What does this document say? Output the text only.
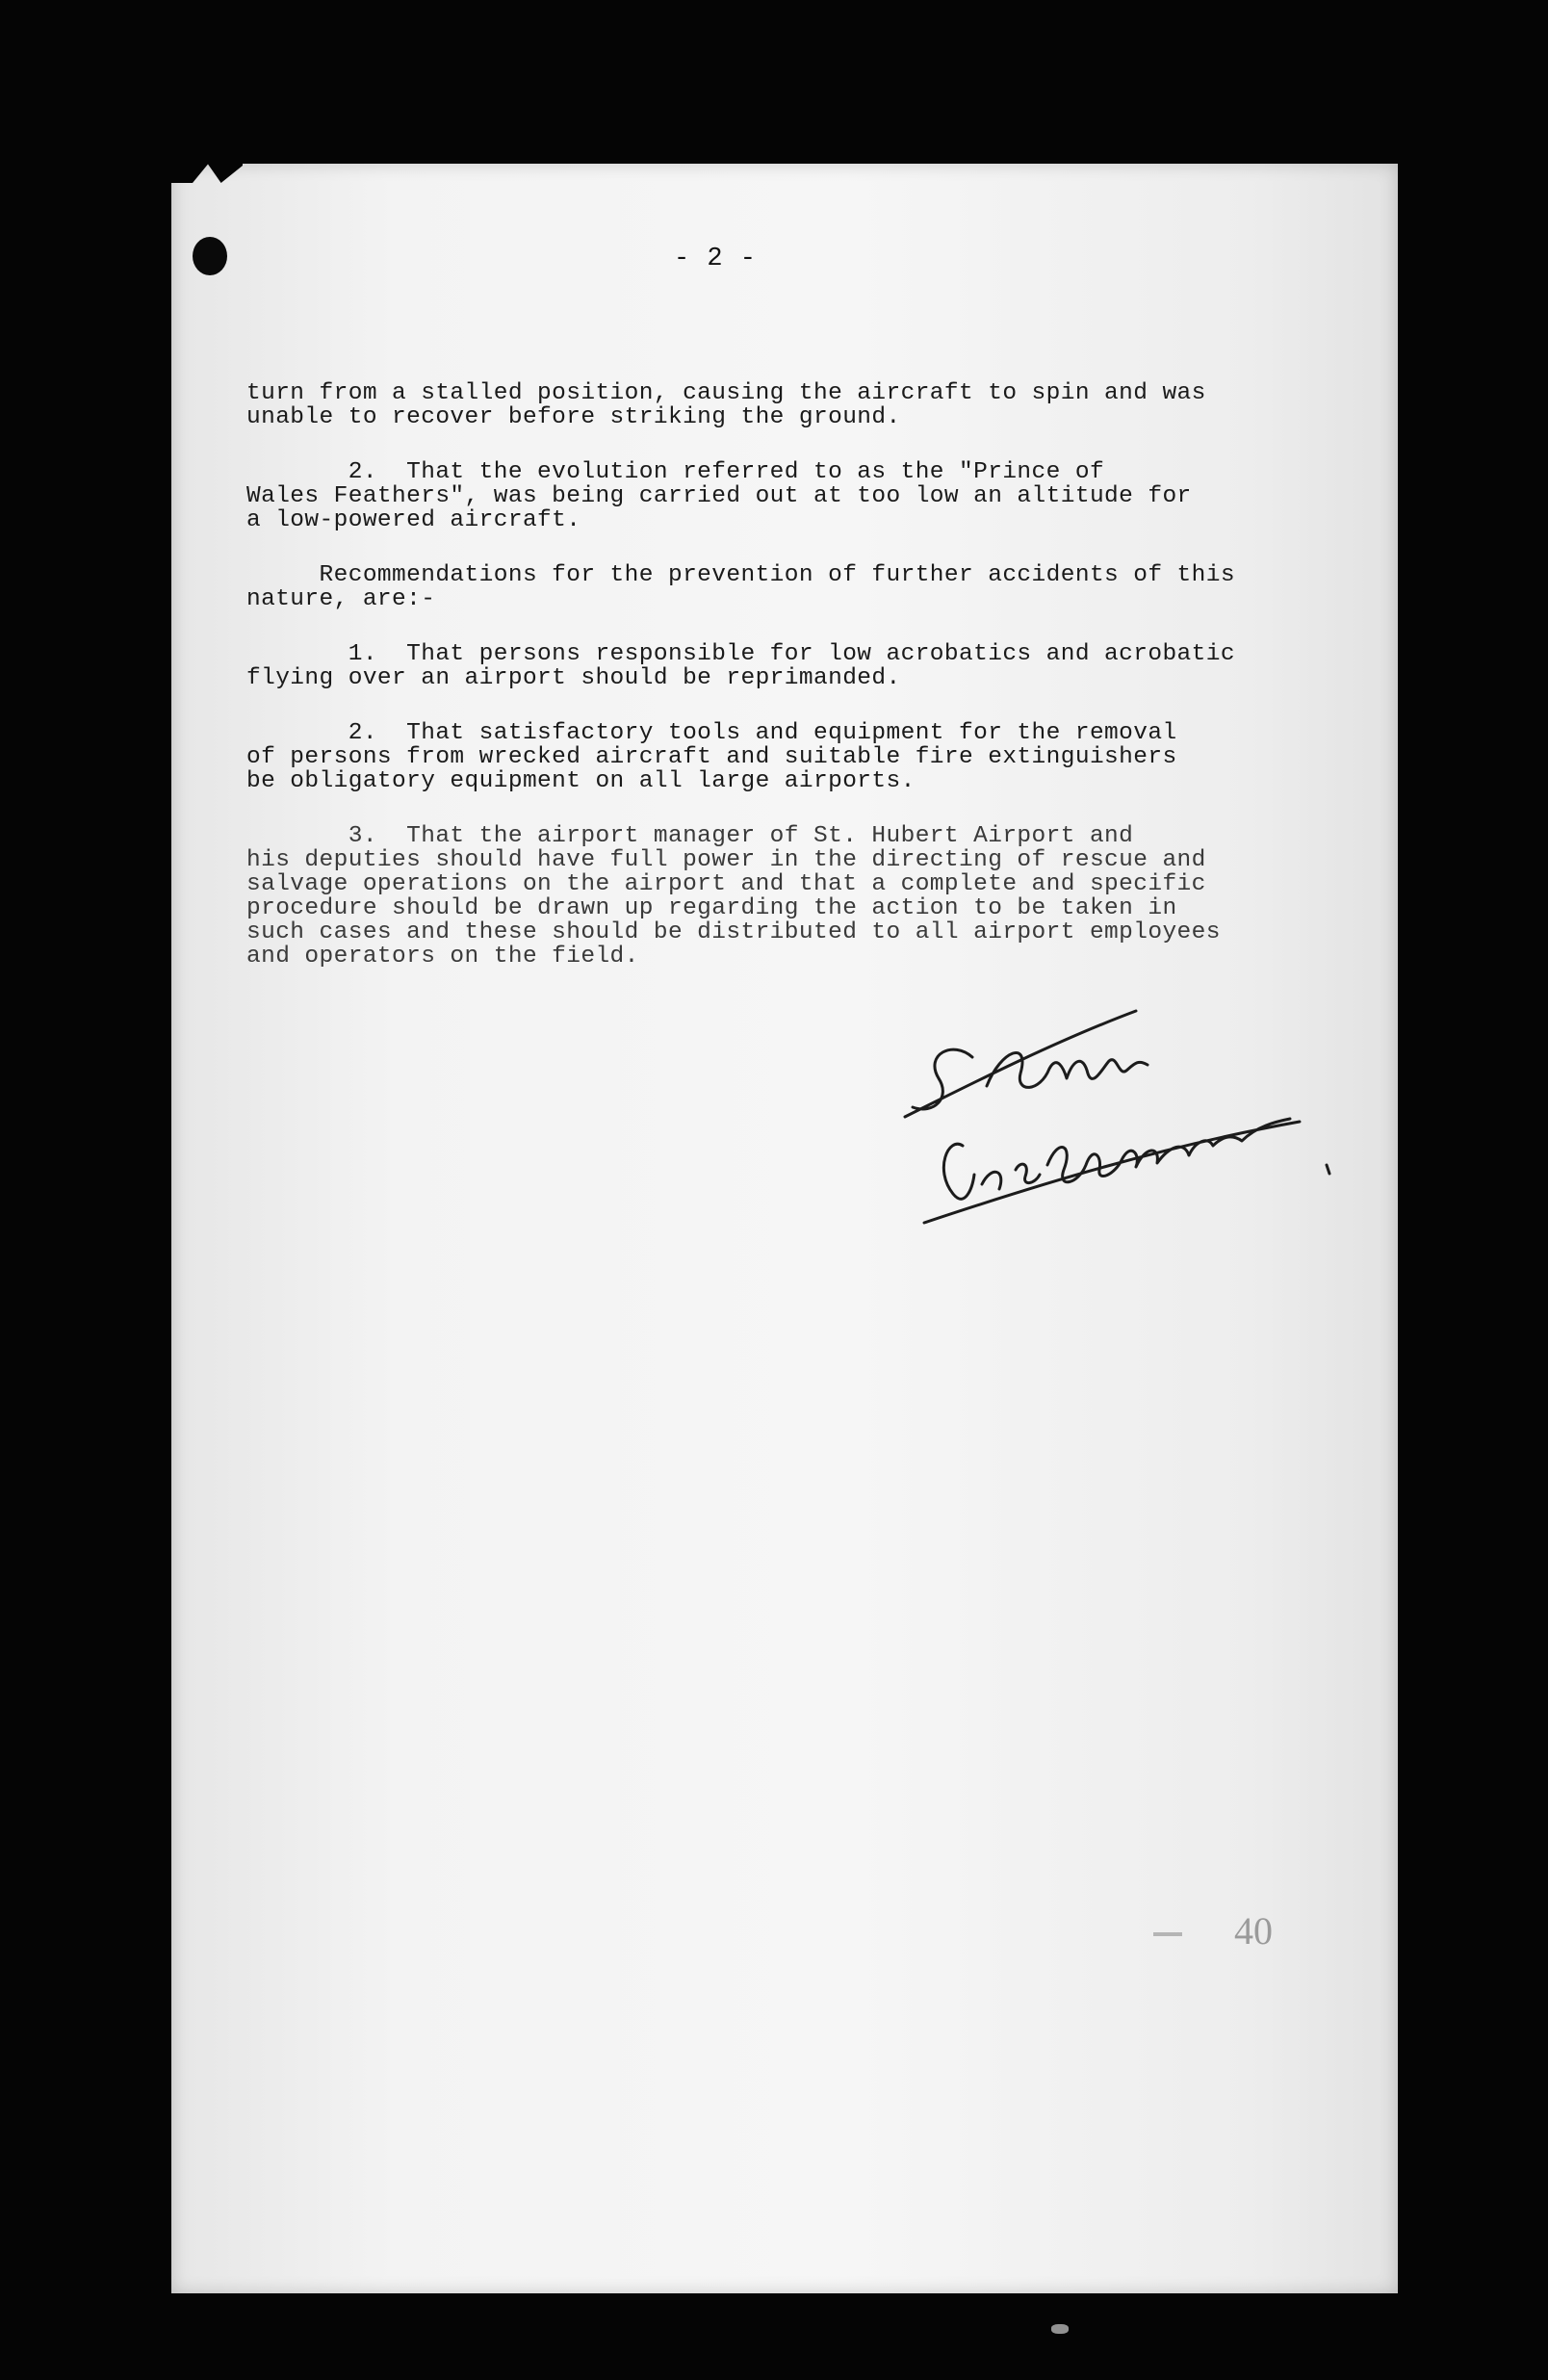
- 2 -

turn from a stalled position, causing the aircraft to spin and was
unable to recover before striking the ground.

2.  That the evolution referred to as the "Prince of
Wales Feathers", was being carried out at too low an altitude for
a low-powered aircraft.

Recommendations for the prevention of further accidents of this
nature, are:-

1.  That persons responsible for low acrobatics and acrobatic
flying over an airport should be reprimanded.

2.  That satisfactory tools and equipment for the removal
of persons from wrecked aircraft and suitable fire extinguishers
be obligatory equipment on all large airports.

3.  That the airport manager of St. Hubert Airport and
his deputies should have full power in the directing of rescue and
salvage operations on the airport and that a complete and specific
procedure should be drawn up regarding the action to be taken in
such cases and these should be distributed to all airport employees
and operators on the field.

40
